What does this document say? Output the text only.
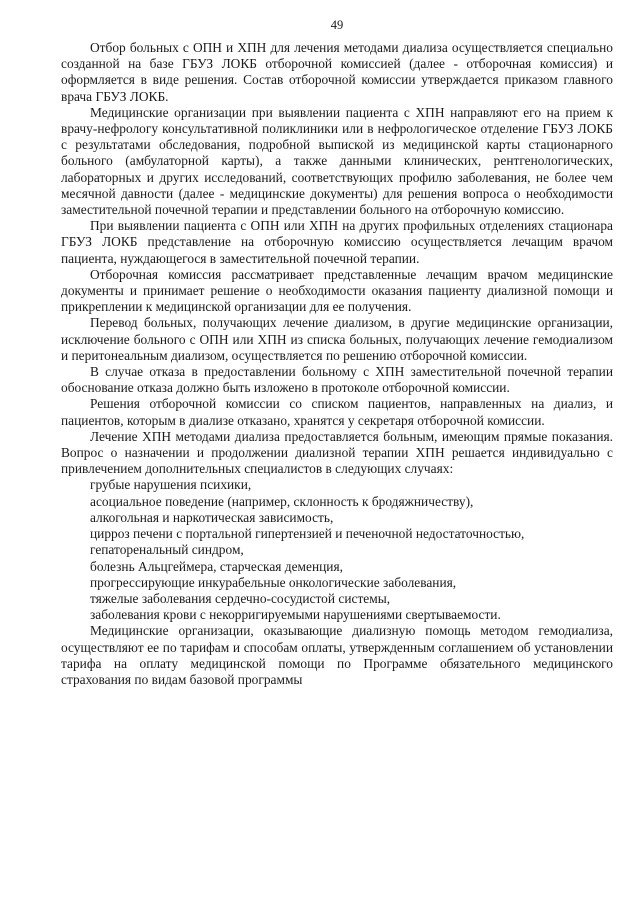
49

Отбор больных с ОПН и ХПН для лечения методами диализа осуществляется специально созданной на базе ГБУЗ ЛОКБ отборочной комиссией (далее - отборочная комиссия) и оформляется в виде решения. Состав отборочной комиссии утверждается приказом главного врача ГБУЗ ЛОКБ.

Медицинские организации при выявлении пациента с ХПН направляют его на прием к врачу-нефрологу консультативной поликлиники или в нефрологическое отделение ГБУЗ ЛОКБ с результатами обследования, подробной выпиской из медицинской карты стационарного больного (амбулаторной карты), а также данными клинических, рентгенологических, лабораторных и других исследований, соответствующих профилю заболевания, не более чем месячной давности (далее - медицинские документы) для решения вопроса о необходимости заместительной почечной терапии и представлении больного на отборочную комиссию.

При выявлении пациента с ОПН или ХПН на других профильных отделениях стационара ГБУЗ ЛОКБ представление на отборочную комиссию осуществляется лечащим врачом пациента, нуждающегося в заместительной почечной терапии.

Отборочная комиссия рассматривает представленные лечащим врачом медицинские документы и принимает решение о необходимости оказания пациенту диализной помощи и прикреплении к медицинской организации для ее получения.

Перевод больных, получающих лечение диализом, в другие медицинские организации, исключение больного с ОПН или ХПН из списка больных, получающих лечение гемодиализом и перитонеальным диализом, осуществляется по решению отборочной комиссии.

В случае отказа в предоставлении больному с ХПН заместительной почечной терапии обоснование отказа должно быть изложено в протоколе отборочной комиссии.

Решения отборочной комиссии со списком пациентов, направленных на диализ, и пациентов, которым в диализе отказано, хранятся у секретаря отборочной комиссии.

Лечение ХПН методами диализа предоставляется больным, имеющим прямые показания. Вопрос о назначении и продолжении диализной терапии ХПН решается индивидуально с привлечением дополнительных специалистов в следующих случаях:

грубые нарушения психики,

асоциальное поведение (например, склонность к бродяжничеству),

алкогольная и наркотическая зависимость,

цирроз печени с портальной гипертензией и печеночной недостаточностью,

гепаторенальный синдром,

болезнь Альцгеймера, старческая деменция,

прогрессирующие инкурабельные онкологические заболевания,

тяжелые заболевания сердечно-сосудистой системы,

заболевания крови с некорригируемыми нарушениями свертываемости.

Медицинские организации, оказывающие диализную помощь методом гемодиализа, осуществляют ее по тарифам и способам оплаты, утвержденным соглашением об установлении тарифа на оплату медицинской помощи по Программе обязательного медицинского страхования по видам базовой программы
